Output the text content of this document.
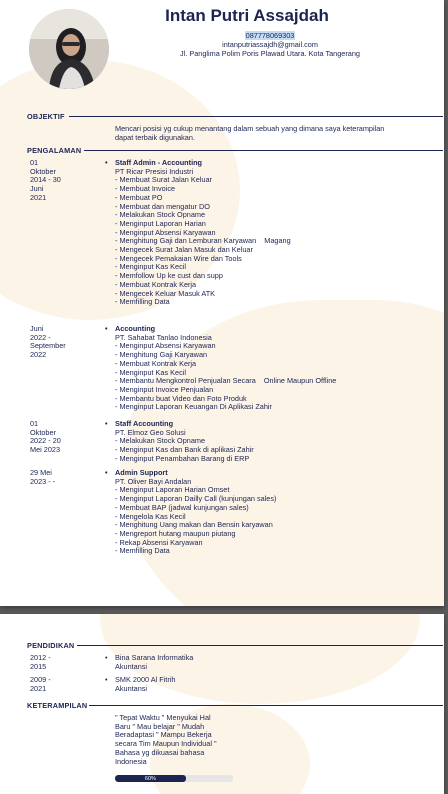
Intan Putri Assajdah
087778069303
intanputriassajdh@gmail.com
Jl. Panglima Polim Poris Plawad Utara. Kota Tangerang
OBJEKTIF
Mencari posisi yg cukup menantang dalam sebuah yang dimana saya keterampilan
dapat terbaik digunakan.
PENGALAMAN
01
Oktober
2014 - 30
Juni
2021
• Staff Admin - Accounting
PT Ricar Presisi Industri
- Membuat Surat Jalan Keluar
- Membuat Invoice
- Membuat PO
- Membuat dan mengatur DO
- Melakukan Stock Opname
- Menginput Laporan Harian
- Menginput Absensi Karyawan
- Menghitung Gaji dan Lemburan Karyawan    Magang
- Mengecek Surat Jalan Masuk dan Keluar
- Mengecek Pemakaian Wire dan Tools
- Menginput Kas Kecil
- Memfollow Up ke cust dan supp
- Membuat Kontrak Kerja
- Mengecek Keluar Masuk ATK
- Memfilling Data
Juni
2022 -
September
2022
• Accounting
PT. Sahabat Tanlao Indonesia
- Menginput Absensi Karyawan
- Menghitung Gaji Karyawan
- Membuat Kontrak Kerja
- Menginput Kas Kecil
- Membantu Mengkontrol Penjualan Secara    Online Maupun Offline
- Menginput Invoice Penjualan
- Membantu buat Video dan Foto Produk
- Menginput Laporan Keuangan Di Aplikasi Zahir
01
Oktober
2022 - 20
Mei 2023
• Staff Accounting
PT. Elmoz Geo Solusi
- Melakukan Stock Opname
- Menginput Kas dan Bank di aplikasi Zahir
- Menginput Penambahan Barang di ERP
29 Mei
2023 - -
• Admin Support
PT. Oliver Bayi Andalan
- Menginput Laporan Harian Omset
- Menginput Laporan Dailly Call (kunjungan sales)
- Membuat BAP (jadwal kunjungan sales)
- Mengelola Kas Kecil
- Menghitung Uang makan dan Bensin karyawan
- Mengreport hutang maupun piutang
- Rekap Absensi Karyawan
- Memfilling Data
PENDIDIKAN
2012 -
2015
• Bina Sarana Informatika
Akuntansi
2009 -
2021
• SMK 2000 Al Fitrih
Akuntansi
KETERAMPILAN
" Tepat Waktu " Menyukai Hal
Baru " Mau belajar " Mudah
Beradaptasi " Mampu Bekerja
secara Tim Maupun Individual "
Bahasa yg dikuasai bahasa
Indonesia
60%
